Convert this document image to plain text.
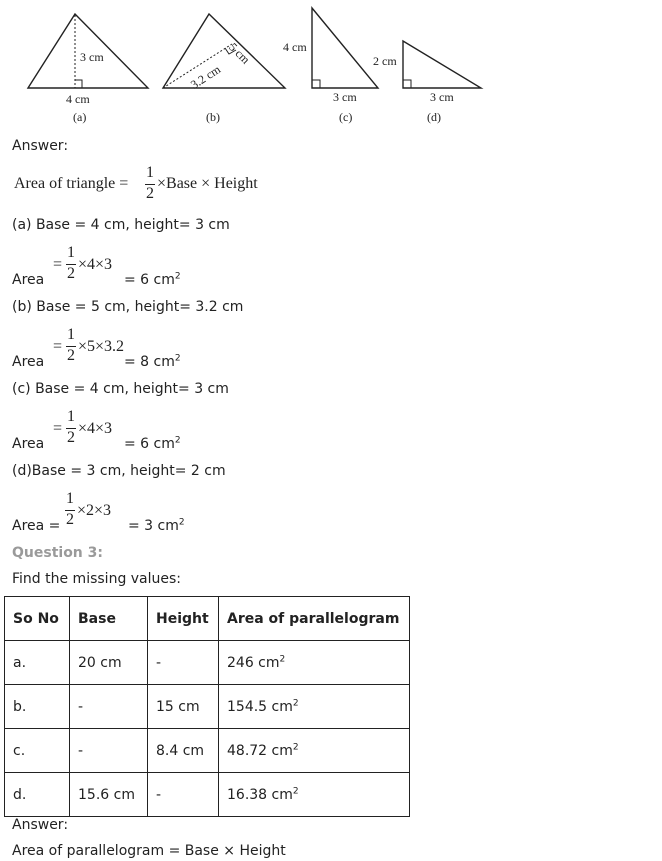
3 cm
4 cm
(a)
5 cm
3.2 cm
(b)
4 cm
3 cm
(c)
2 cm
3 cm
(d)
Answer:
Area of triangle =
1
2
×Base × Height
(a) Base = 4 cm, height= 3 cm
Area
=
1
2
×4×3
= 6 $cm^2$
(b) Base = 5 cm, height= 3.2 cm
Area
=
1
2
×5×3.2
= 8 $cm^2$
(c) Base = 4 cm, height= 3 cm
Area
=
1
2
×4×3
= 6 $cm^2$
(d)Base = 3 cm, height= 2 cm
Area =
1
2
×2×3
= 3 $cm^2$
Question 3:
Find the missing values:
So No	Base	Height	Area of parallelogram
a.	20 cm	-	246 $cm^2$
b.	-	15 cm	154.5 $cm^2$
c.	-	8.4 cm	48.72 $cm^2$
d.	15.6 cm	-	16.38 $cm^2$
Answer:
Area of parallelogram = Base × Height
